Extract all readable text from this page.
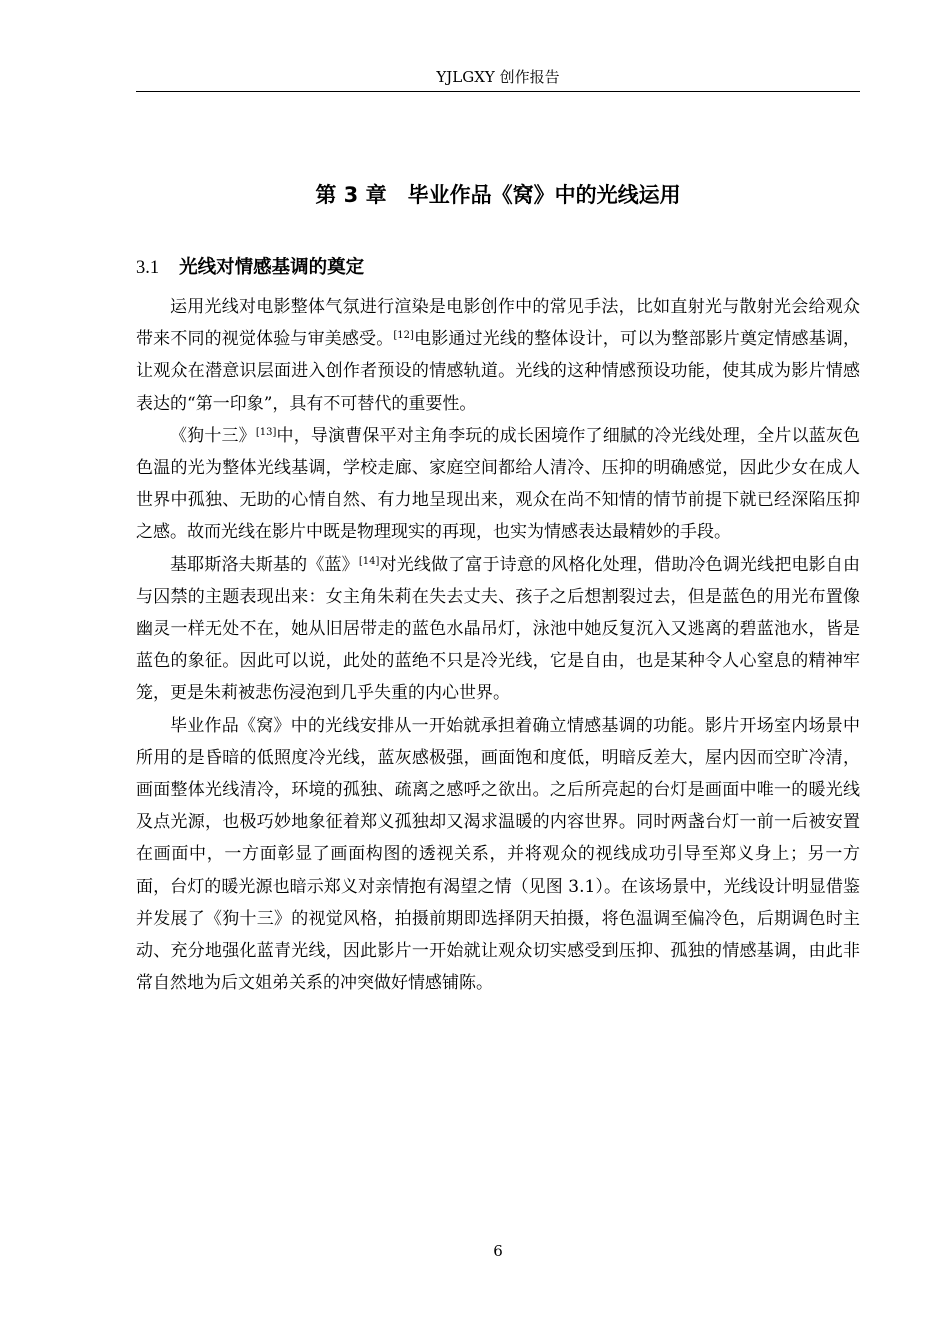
YJLGXY 创作报告
第 3 章　毕业作品《窝》中的光线运用
3.1 光线对情感基调的奠定

运用光线对电影整体气氛进行渲染是电影创作中的常见手法，比如直射光与散射光会给观众带来不同的视觉体验与审美感受。[12]电影通过光线的整体设计，可以为整部影片奠定情感基调，让观众在潜意识层面进入创作者预设的情感轨道。光线的这种情感预设功能，使其成为影片情感表达的“第一印象”，具有不可替代的重要性。

《狗十三》[13]中，导演曹保平对主角李玩的成长困境作了细腻的冷光线处理，全片以蓝灰色色温的光为整体光线基调，学校走廊、家庭空间都给人清冷、压抑的明确感觉，因此少女在成人世界中孤独、无助的心情自然、有力地呈现出来，观众在尚不知情的情节前提下就已经深陷压抑之感。故而光线在影片中既是物理现实的再现，也实为情感表达最精妙的手段。

基耶斯洛夫斯基的《蓝》[14]对光线做了富于诗意的风格化处理，借助冷色调光线把电影自由与囚禁的主题表现出来：女主角朱莉在失去丈夫、孩子之后想割裂过去，但是蓝色的用光布置像幽灵一样无处不在，她从旧居带走的蓝色水晶吊灯，泳池中她反复沉入又逃离的碧蓝池水，皆是蓝色的象征。因此可以说，此处的蓝绝不只是冷光线，它是自由，也是某种令人心窒息的精神牢笼，更是朱莉被悲伤浸泡到几乎失重的内心世界。

毕业作品《窝》中的光线安排从一开始就承担着确立情感基调的功能。影片开场室内场景中所用的是昏暗的低照度冷光线，蓝灰感极强，画面饱和度低，明暗反差大，屋内因而空旷冷清，画面整体光线清冷，环境的孤独、疏离之感呼之欲出。之后所亮起的台灯是画面中唯一的暖光线及点光源，也极巧妙地象征着郑义孤独却又渴求温暖的内容世界。同时两盏台灯一前一后被安置在画面中，一方面彰显了画面构图的透视关系，并将观众的视线成功引导至郑义身上；另一方面，台灯的暖光源也暗示郑义对亲情抱有渴望之情（见图 3.1）。在该场景中，光线设计明显借鉴并发展了《狗十三》的视觉风格，拍摄前期即选择阴天拍摄，将色温调至偏冷色，后期调色时主动、充分地强化蓝青光线，因此影片一开始就让观众切实感受到压抑、孤独的情感基调，由此非常自然地为后文姐弟关系的冲突做好情感铺陈。

6
